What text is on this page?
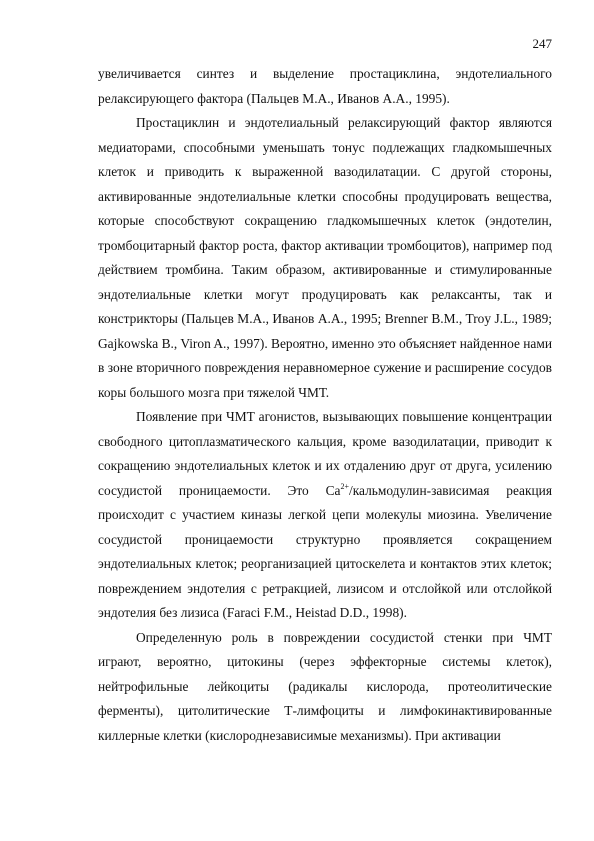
247

увеличивается синтез и выделение простациклина, эндотелиального релаксирующего фактора (Пальцев М.А., Иванов А.А., 1995).

Простациклин и эндотелиальный релаксирующий фактор являются медиаторами, способными уменьшать тонус подлежащих гладкомышечных клеток и приводить к выраженной вазодилатации. С другой стороны, активированные эндотелиальные клетки способны продуцировать вещества, которые способствуют сокращению гладкомышечных клеток (эндотелин, тромбоцитарный фактор роста, фактор активации тромбоцитов), например под действием тромбина. Таким образом, активированные и стимулированные эндотелиальные клетки могут продуцировать как релаксанты, так и констрикторы (Пальцев М.А., Иванов А.А., 1995; Brenner B.M., Troy J.L., 1989; Gajkowska B., Viron A., 1997). Вероятно, именно это объясняет найденное нами в зоне вторичного повреждения неравномерное сужение и расширение сосудов коры большого мозга при тяжелой ЧМТ.

Появление при ЧМТ агонистов, вызывающих повышение концентрации свободного цитоплазматического кальция, кроме вазодилатации, приводит к сокращению эндотелиальных клеток и их отдалению друг от друга, усилению сосудистой проницаемости. Это $Ca^{2+}/кальмодулин$-зависимая реакция происходит с участием киназы легкой цепи молекулы миозина. Увеличение сосудистой проницаемости структурно проявляется сокращением эндотелиальных клеток; реорганизацией цитоскелета и контактов этих клеток; повреждением эндотелия с ретракцией, лизисом и отслойкой или отслойкой эндотелия без лизиса (Faraci F.M., Heistad D.D., 1998).

Определенную роль в повреждении сосудистой стенки при ЧМТ играют, вероятно, цитокины (через эффекторные системы клеток), нейтрофильные лейкоциты (радикалы кислорода, протеолитические ферменты), цитолитические Т-лимфоциты и лимфокинактивированные киллерные клетки (кислороднезависимые механизмы). При активации
